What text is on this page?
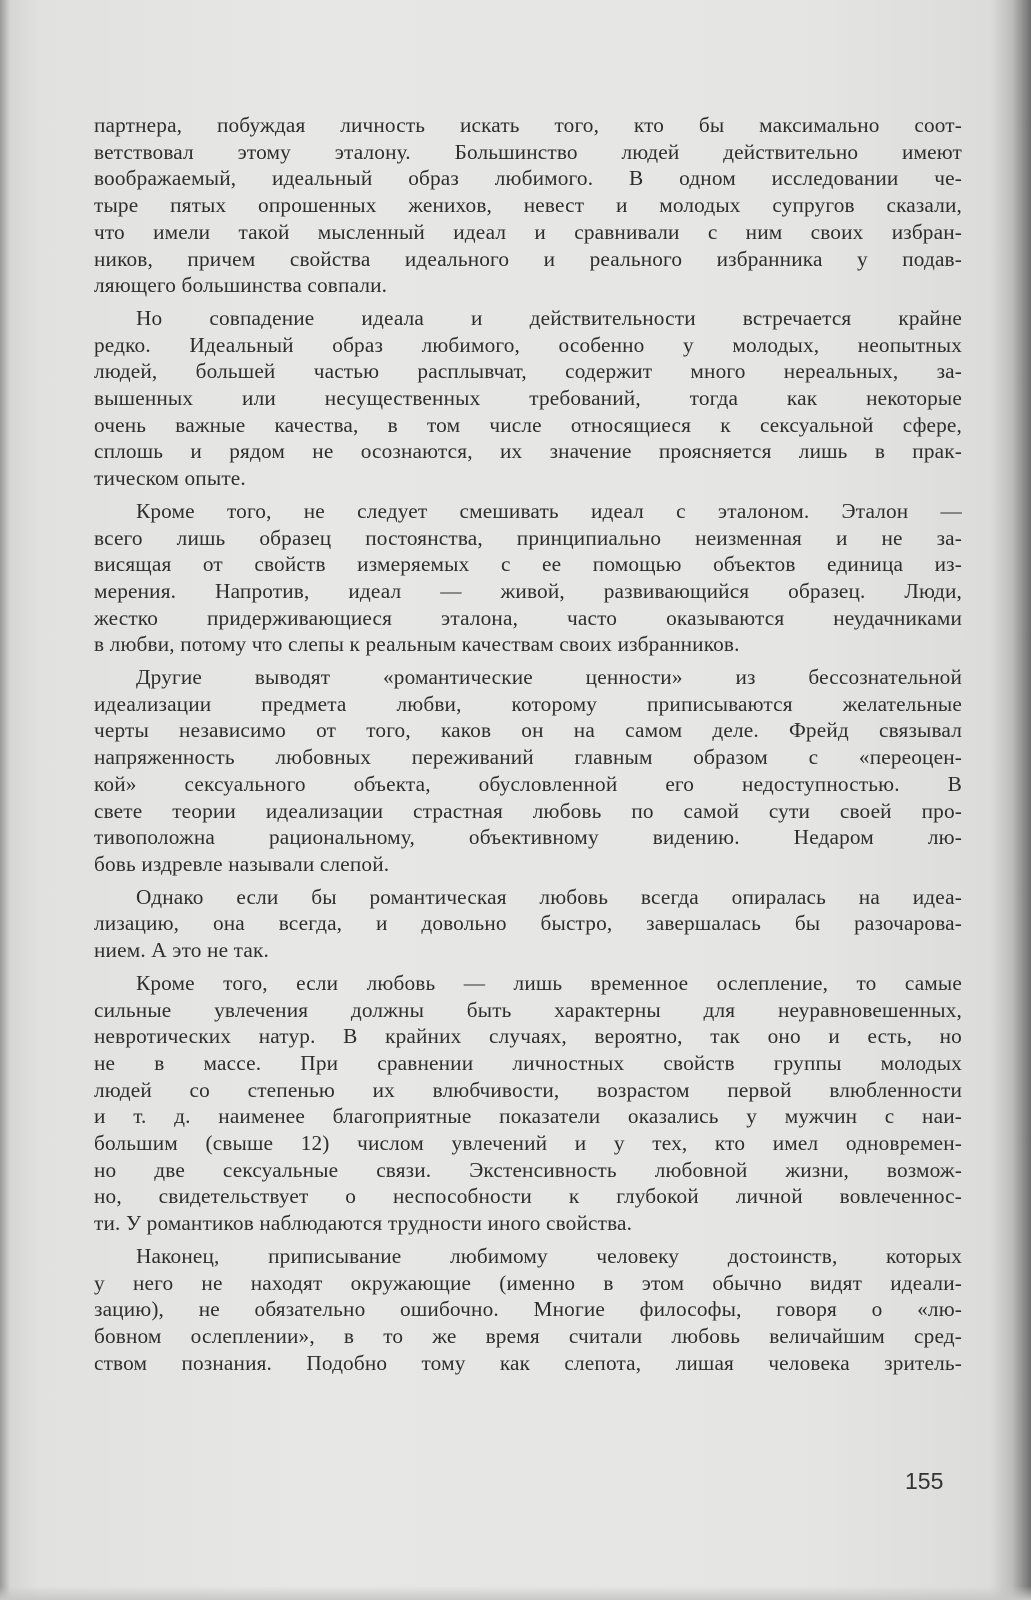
партнера, побуждая личность искать того, кто бы максимально соот-
ветствовал этому эталону. Большинство людей действительно имеют
воображаемый, идеальный образ любимого. В одном исследовании че-
тыре пятых опрошенных женихов, невест и молодых супругов сказали,
что имели такой мысленный идеал и сравнивали с ним своих избран-
ников, причем свойства идеального и реального избранника у подав-
ляющего большинства совпали.
Но совпадение идеала и действительности встречается крайне
редко. Идеальный образ любимого, особенно у молодых, неопытных
людей, большей частью расплывчат, содержит много нереальных, за-
вышенных или несущественных требований, тогда как некоторые
очень важные качества, в том числе относящиеся к сексуальной сфере,
сплошь и рядом не осознаются, их значение проясняется лишь в прак-
тическом опыте.
Кроме того, не следует смешивать идеал с эталоном. Эталон —
всего лишь образец постоянства, принципиально неизменная и не за-
висящая от свойств измеряемых с ее помощью объектов единица из-
мерения. Напротив, идеал — живой, развивающийся образец. Люди,
жестко придерживающиеся эталона, часто оказываются неудачниками
в любви, потому что слепы к реальным качествам своих избранников.
Другие выводят «романтические ценности» из бессознательной
идеализации предмета любви, которому приписываются желательные
черты независимо от того, каков он на самом деле. Фрейд связывал
напряженность любовных переживаний главным образом с «переоцен-
кой» сексуального объекта, обусловленной его недоступностью. В
свете теории идеализации страстная любовь по самой сути своей про-
тивоположна рациональному, объективному видению. Недаром лю-
бовь издревле называли слепой.
Однако если бы романтическая любовь всегда опиралась на идеа-
лизацию, она всегда, и довольно быстро, завершалась бы разочарова-
нием. А это не так.
Кроме того, если любовь — лишь временное ослепление, то самые
сильные увлечения должны быть характерны для неуравновешенных,
невротических натур. В крайних случаях, вероятно, так оно и есть, но
не в массе. При сравнении личностных свойств группы молодых
людей со степенью их влюбчивости, возрастом первой влюбленности
и т. д. наименее благоприятные показатели оказались у мужчин с наи-
большим (свыше 12) числом увлечений и у тех, кто имел одновремен-
но две сексуальные связи. Экстенсивность любовной жизни, возмож-
но, свидетельствует о неспособности к глубокой личной вовлеченнос-
ти. У романтиков наблюдаются трудности иного свойства.
Наконец, приписывание любимому человеку достоинств, которых
у него не находят окружающие (именно в этом обычно видят идеали-
зацию), не обязательно ошибочно. Многие философы, говоря о «лю-
бовном ослеплении», в то же время считали любовь величайшим сред-
ством познания. Подобно тому как слепота, лишая человека зритель-
155
